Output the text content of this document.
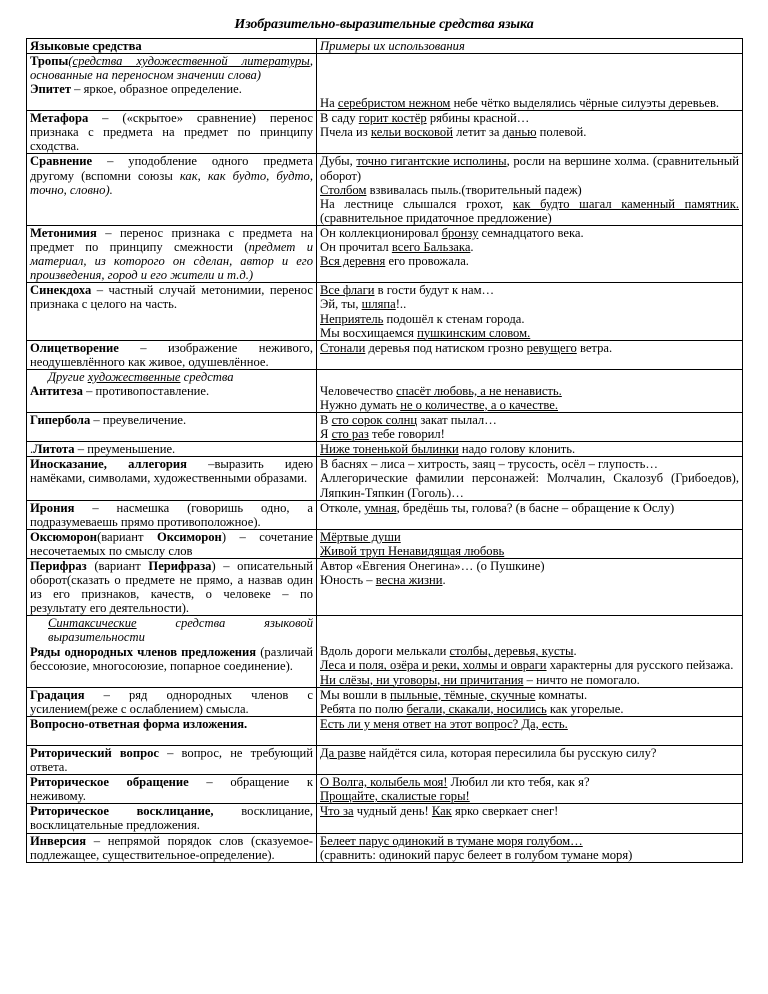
Изобразительно-выразительные средства языка
Языковые средства	Примеры их использования
Тропы(средства художественной литературы, основанные на переносном значении слова)
Эпитет – яркое, образное определение.	На серебристом нежном небе чётко выделялись чёрные силуэты деревьев.

Метафора – («скрытое» сравнение) перенос признака с предмета на предмет по принципу сходства.	В саду горит костёр рябины красной…
Пчела из кельи восковой летит за данью полевой.

Сравнение – уподобление одного предмета другому (вспомни союзы как, как будто, будто, точно, словно).	Дубы, точно гигантские исполины, росли на вершине холма. (сравнительный оборот)
Столбом взвивалась пыль.(творительный падеж)
На лестнице слышался грохот, как будто шагал каменный памятник. (сравнительное придаточное предложение)

Метонимия – перенос признака с предмета на предмет по принципу смежности (предмет и материал, из которого он сделан, автор и его произведения, город и его жители и т.д.)	Он коллекционировал бронзу семнадцатого века.
Он прочитал всего Бальзака.
Вся деревня его провожала.

Синекдоха – частный случай метонимии, перенос признака с целого на часть.	Все флаги в гости будут к нам…
Эй, ты, шляпа!..
Неприятель подошёл к стенам города.
Мы восхищаемся пушкинским словом.

Олицетворение – изображение неживого, неодушевлённого как живое, одушевлённое.	Стонали деревья под натиском грозно ревущего ветра.

Другие художественные средства
Антитеза – противопоставление.	Человечество спасёт любовь, а не ненависть.
Нужно думать не о количестве, а о качестве.

Гипербола – преувеличение.	В сто сорок солнц закат пылал…
Я сто раз тебе говорил!

.Литота – преуменьшение.	Ниже тоненькой былинки надо голову клонить.

Иносказание, аллегория –выразить идею намёками, символами, художественными образами.	В баснях – лиса – хитрость, заяц – трусость, осёл – глупость…
Аллегорические фамилии персонажей: Молчалин, Скалозуб (Грибоедов), Ляпкин-Тяпкин (Гоголь)…

Ирония – насмешка (говоришь одно, а подразумеваешь прямо противоположное).	Отколе, умная, бредёшь ты, голова? (в басне – обращение к Ослу)

Оксюморон(вариант Оксиморон) – сочетание несочетаемых по смыслу слов	Мёртвые души
Живой труп Ненавидящая любовь

Перифраз (вариант Перифраза) – описательный оборот(сказать о предмете не прямо, а назвав один из его признаков, качеств, о человеке – по результату его деятельности).	Автор «Евгения Онегина»… (о Пушкине)
Юность – весна жизни.

Синтаксические средства языковой выразительности
Ряды однородных членов предложения (различай бессоюзие, многосоюзие, попарное соединение).	Вдоль дороги мелькали столбы, деревья, кусты.
Леса и поля, озёра и реки, холмы и овраги характерны для русского пейзажа.
Ни слёзы, ни уговоры, ни причитания – ничто не помогало.

Градация – ряд однородных членов с усилением(реже с ослаблением) смысла.	Мы вошли в пыльные, тёмные, скучные комнаты.
Ребята по полю бегали, скакали, носились как угорелые.

Вопросно-ответная форма изложения.	Есть ли у меня ответ на этот вопрос? Да, есть.

Риторический вопрос – вопрос, не требующий ответа.	Да разве найдётся сила, которая пересилила бы русскую силу?

Риторическое обращение – обращение к неживому.	О Волга, колыбель моя! Любил ли кто тебя, как я?
Прощайте, скалистые горы!

Риторическое восклицание, восклицание, восклицательные предложения.	Что за чудный день! Как ярко сверкает снег!

Инверсия – непрямой порядок слов (сказуемое-подлежащее, существительное-определение).	Белеет парус одинокий в тумане моря голубом…
(сравнить: одинокий парус белеет в голубом тумане моря)
